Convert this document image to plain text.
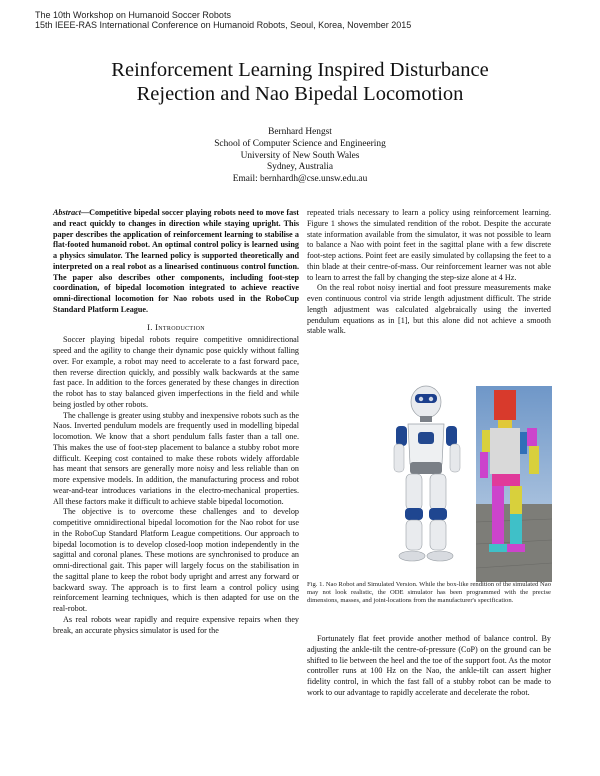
The 10th Workshop on Humanoid Soccer Robots
15th IEEE-RAS International Conference on Humanoid Robots, Seoul, Korea, November 2015
Reinforcement Learning Inspired Disturbance
Rejection and Nao Bipedal Locomotion
Bernhard Hengst
School of Computer Science and Engineering
University of New South Wales
Sydney, Australia
Email: bernhardh@cse.unsw.edu.au

Abstract—Competitive bipedal soccer playing robots need to move fast and react quickly to changes in direction while staying upright. This paper describes the application of reinforcement learning to stabilise a flat-footed humanoid robot. An optimal control policy is learned using a physics simulator. The learned policy is supported theoretically and interpreted on a real robot as a linearised continuous control function. The paper also describes other components, including foot-step coordination, of bipedal locomotion integrated to achieve reactive omni-directional locomotion for Nao robots used in the RoboCup Standard Platform League.

I. Introduction

Soccer playing bipedal robots require competitive omnidirectional speed and the agility to change their dynamic pose quickly without falling over. For example, a robot may need to accelerate to a fast forward pace, then reverse direction quickly, and possibly walk backwards at the same fast pace. In addition to the forces generated by these changes in direction the robot has to stay balanced given imperfections in the field and while being jostled by other robots.

The challenge is greater using stubby and inexpensive robots such as the Naos. Inverted pendulum models are frequently used in modelling bipedal locomotion. We know that a short pendulum falls faster than a tall one. This makes the use of foot-step placement to balance a stubby robot more difficult. Keeping cost contained to make these robots widely affordable has meant that sensors are generally more noisy and less reliable than on more expensive models. In addition, the manufacturing process and robot wear-and-tear introduces variations in the electro-mechanical properties. All these factors make it difficult to achieve stable bipedal locomotion.

The objective is to overcome these challenges and to develop competitive omnidirectional bipedal locomotion for the Nao robot for use in the RoboCup Standard Platform League competitions. Our approach to bipedal locomotion is to develop closed-loop motion independently in the sagittal and coronal planes. These motions are synchronised to produce an omni-directional gait. This paper will largely focus on the stabilisation in the sagittal plane to keep the robot body upright and arrest any forward or backward sway. The approach is to first learn a control policy using reinforcement learning techniques, which is then adapted for use on the real-robot.

As real robots wear rapidly and require expensive repairs when they break, an accurate physics simulator is used for the

repeated trials necessary to learn a policy using reinforcement learning. Figure 1 shows the simulated rendition of the robot. Despite the accurate state information available from the simulator, it was not possible to learn to balance a Nao with point feet in the sagittal plane with a few discrete foot-step actions. Point feet are easily simulated by collapsing the feet to a thin blade at their centre-of-mass. Our reinforcement learner was not able to learn to arrest the fall by changing the step-size alone at 4 Hz.

On the real robot noisy inertial and foot pressure measurements make even continuous control via stride length adjustment difficult. The stride length adjustment was calculated algebraically using the inverted pendulum equations as in [1], but this alone did not achieve a smooth stable walk.

Fig. 1. Nao Robot and Simulated Version. While the box-like rendition of the simulated Nao may not look realistic, the ODE simulator has been programmed with the precise dimensions, masses, and joint-locations from the manufacturer's specification.

Fortunately flat feet provide another method of balance control. By adjusting the ankle-tilt the centre-of-pressure (CoP) on the ground can be shifted to lie between the heel and the toe of the support foot. As the motor controller runs at 100 Hz on the Nao, the ankle-tilt can assert higher fidelity control, in which the fast fall of a stubby robot can be made to work to our advantage to rapidly accelerate and decelerate the robot.
